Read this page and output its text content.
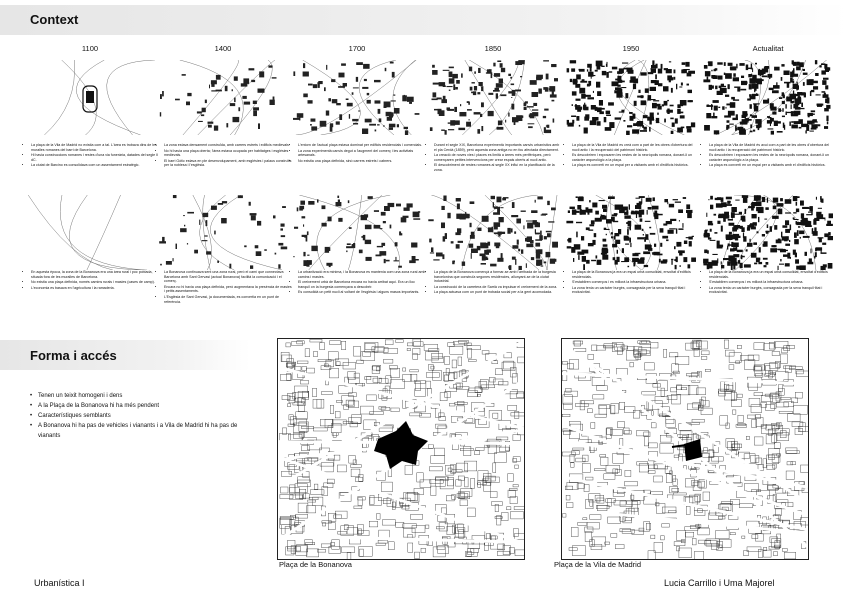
Context
1100
• La plaça de la Vila de Madrid no existia com a tal. L'àrea es trobava dins de les muralles romanes del barri de Barcelona.
• Hi havia construccions romanes i restes d'una via funerària, datades del segle II dC.
• La ciutat de Barcino es consolidava com un assentament estratègic.
• En aquesta època, la zona de la Bonanova era una àrea rural i poc poblada, situada fora de les muralles de Barcelona.
• No existia una plaça definida, només camins rurals i masies (cases de camp).
• L'economia es basava en l'agricultura i la ramaderia.
1400
• La zona estava densament construïda, amb carrers estrets i edificis medievals.
• No hi havia una plaça oberta; l'àrea estava ocupada per habitatges i esglésies medievals.
• El barri Gòtic estava en ple desenvolupament, amb esglésies i palaus construïts per la noblesa i l'església.
• La Bonanova continuava sent una zona rural, però el camí que connectava Barcelona amb Sant Gervasi (actual Bonanova) facilità la comunicació i el comerç.
• Encara no hi havia una plaça definida, però augmentava la presència de masies i petits assentaments.
• L'Església de Sant Gervasi, ja documentada, es convertia en un punt de referència.
1700
• L'entorn de l'actual plaça estava dominat per edificis residencials i comercials.
• La zona experimentà canvis degut a l'augment del comerç i les activitats artesanals.
• No existia una plaça definida, sinó carrers estrets i cabrers.
• La urbanització era mínima, i la Bonanova es mantenia com una zona rural amb camins i masies.
• El creixement urbà de Barcelona encara no havia arribat aquí. Era un lloc tranquil on la burgesia començava a descobrir.
• Es consolidà un petit nucli al voltant de l'església i alguns masos importants.
1850
• Durant el segle XIX, Barcelona experimentà importants canvis urbanístics amb el pla Cerdà (1859), però aquesta zona antiga no en fou afectada directament.
• La creació de noves vies i places es limità a àrees més perifèriques, però començaren petites intervencions per crear espais oberts al nucli antic.
• El descobriment de restes romanes al segle XX influí en la planificació de la zona.
• La plaça de la Bonanova començà a formar-se amb l'arribada de la burgesia barcelonina que construïa segones residències, allunyant-se de la ciutat industrial.
• La construcció de la carretera de Sarrià va impulsar el creixement de la zona.
• La plaça actuava com un punt de trobada social per a la gent acomodada.
1950
• La plaça de la Vila de Madrid es creà com a part de les obres d'obertura del nucli antic i la recuperació del patrimoni històric.
• Es descobriren i exposaren les restes de la necròpolis romana, donant-li un caràcter arqueològic a la plaça.
• La plaça es convertí en un espai per a visitants amb el d'edificis històrics.
• La plaça de la Bonanova ja era un espai urbà consolidat, envoltat d'edificis residencials.
• S'establiren comerços i es millorà la infraestructura urbana.
• La zona tenia un caràcter burgès, consagrada per la seva tranquil·litat i exclusivitat.
Actualitat
• La plaça de la Vila de Madrid és avui com a part de les obres d'obertura del nucli antic i la recuperació del patrimoni històric.
• Es descobriren i exposaren les restes de la necròpolis romana, donant-li un caràcter arqueològic a la plaça.
• La plaça es convertí en un espai per a visitants amb el d'edificis històrics.
• La plaça de la Bonanova ja era un espai urbà consolidat, envoltat d'edificis residencials.
• S'establiren comerços i es millorà la infraestructura urbana.
• La zona tenia un caràcter burgès, consagrada per la seva tranquil·litat i exclusivitat.
Forma i accés
• Tenen un teixit homogeni i dens
• A la Plaça de la Bonanova hi ha més pendent
• Característiques semblants
• A Bonanova hi ha pas de vehicles i vianants i a Vila de Madrid hi ha pas de vianants
Plaça de la Bonanova	Plaça de la Vila de Madrid
Urbanística I	Lucia Carrillo i Uma Majorel
